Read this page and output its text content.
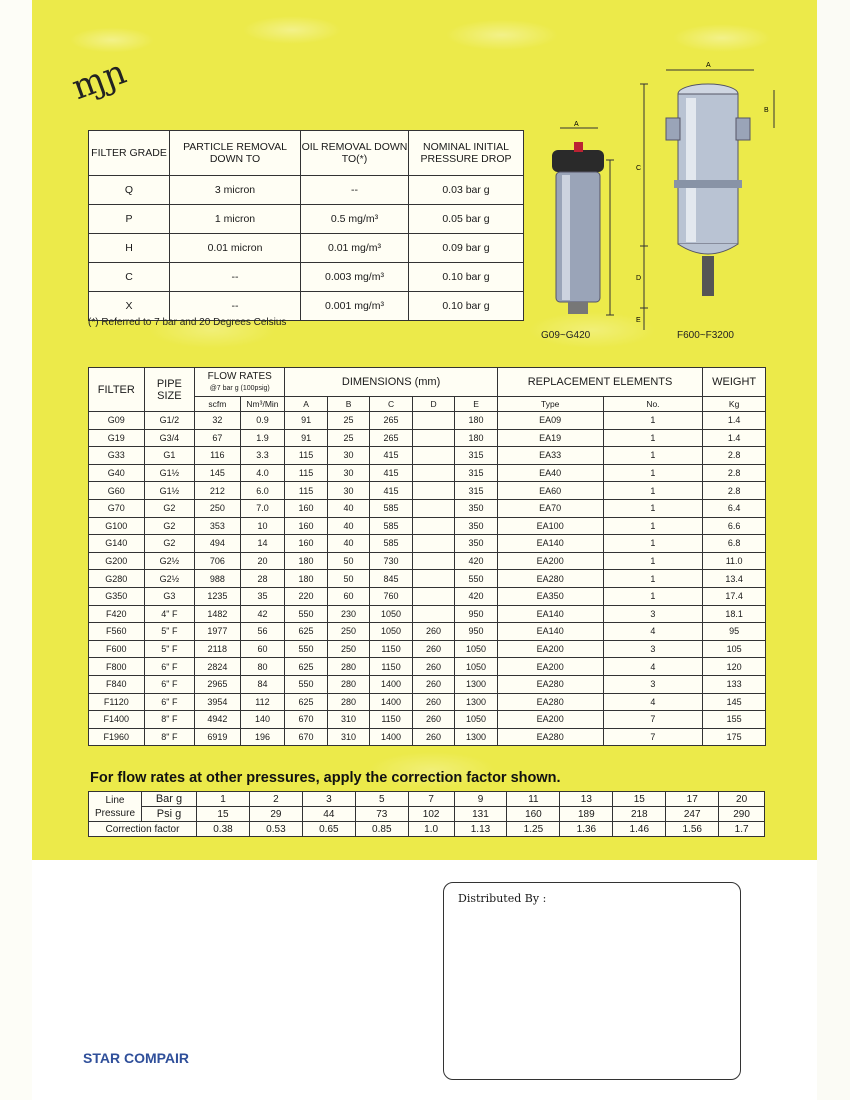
ɱɲ
FILTER GRADE	PARTICLE REMOVAL DOWN TO	OIL REMOVAL DOWN TO(*)	NOMINAL INITIAL PRESSURE DROP
Q	3 micron	--	0.03 bar g
P	1 micron	0.5 mg/m³	0.05 bar g
H	0.01 micron	0.01 mg/m³	0.09 bar g
C	--	0.003 mg/m³	0.10 bar g
X	--	0.001 mg/m³	0.10 bar g
(*) Referred to 7 bar and 20 Degrees Celsius
A
G09~G420
A
B
C
D
E
F600~F3200
FILTER	PIPE SIZE	FLOW RATES
@7 bar g (100psig)		DIMENSIONS (mm)					REPLACEMENT ELEMENTS		WEIGHT
		scfm	Nm³/Min	A	B	C	D	E	Type	No.	Kg
G09	G1/2	32	0.9	91	25	265		180	EA09	1	1.4
G19	G3/4	67	1.9	91	25	265		180	EA19	1	1.4
G33	G1	116	3.3	115	30	415		315	EA33	1	2.8
G40	G1½	145	4.0	115	30	415		315	EA40	1	2.8
G60	G1½	212	6.0	115	30	415		315	EA60	1	2.8
G70	G2	250	7.0	160	40	585		350	EA70	1	6.4
G100	G2	353	10	160	40	585		350	EA100	1	6.6
G140	G2	494	14	160	40	585		350	EA140	1	6.8
G200	G2½	706	20	180	50	730		420	EA200	1	11.0
G280	G2½	988	28	180	50	845		550	EA280	1	13.4
G350	G3	1235	35	220	60	760		420	EA350	1	17.4
F420	4" F	1482	42	550	230	1050		950	EA140	3	18.1
F560	5" F	1977	56	625	250	1050	260	950	EA140	4	95
F600	5" F	2118	60	550	250	1150	260	1050	EA200	3	105
F800	6" F	2824	80	625	280	1150	260	1050	EA200	4	120
F840	6" F	2965	84	550	280	1400	260	1300	EA280	3	133
F1120	6" F	3954	112	625	280	1400	260	1300	EA280	4	145
F1400	8" F	4942	140	670	310	1150	260	1050	EA200	7	155
F1960	8" F	6919	196	670	310	1400	260	1300	EA280	7	175
For flow rates at other pressures, apply the correction factor shown.
Line Pressure	Bar g	1	2	3	5	7	9	11	13	15	17	20
	Psi g	15	29	44	73	102	131	160	189	218	247	290
Correction factor		0.38	0.53	0.65	0.85	1.0	1.13	1.25	1.36	1.46	1.56	1.7
Distributed By :
STAR COMPAIR
